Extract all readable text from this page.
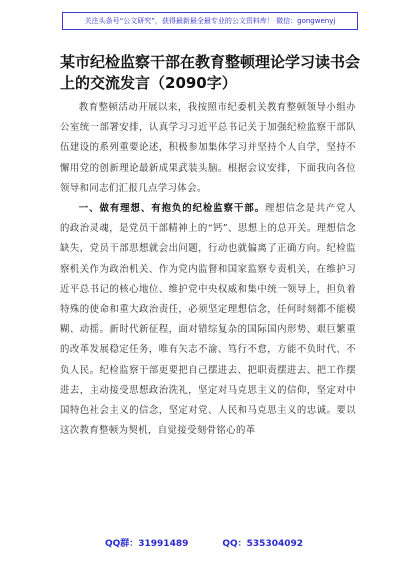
关注头条号“公文研究”，获得最新最全最专业的公文资料库！ 微信：gongwenyj
某市纪检监察干部在教育整顿理论学习读书会上的交流发言（2090字）

教育整顿活动开展以来，我按照市纪委机关教育整顿领导小组办公室统一部署安排，认真学习习近平总书记关于加强纪检监察干部队伍建设的系列重要论述，积极参加集体学习并坚持个人自学，坚持不懈用党的创新理论最新成果武装头脑。根据会议安排，下面我向各位领导和同志们汇报几点学习体会。

一、做有理想、有抱负的纪检监察干部。理想信念是共产党人的政治灵魂，是党员干部精神上的“钙”、思想上的总开关。理想信念缺失，党员干部思想就会出问题，行动也就偏离了正确方向。纪检监察机关作为政治机关、作为党内监督和国家监察专责机关，在维护习近平总书记的核心地位、维护党中央权威和集中统一领导上，担负着特殊的使命和重大政治责任，必须坚定理想信念，任何时刻都不能模糊、动摇。新时代新征程，面对错综复杂的国际国内形势、艰巨繁重的改革发展稳定任务，唯有矢志不渝、笃行不怠，方能不负时代、不负人民。纪检监察干部更要把自己摆进去、把职责摆进去、把工作摆进去，主动接受思想政治洗礼，坚定对马克思主义的信仰，坚定对中国特色社会主义的信念，坚定对党、人民和马克思主义的忠诚。要以这次教育整顿为契机，自觉接受刻骨铭心的革

QQ群：31991489	QQ：535304092
